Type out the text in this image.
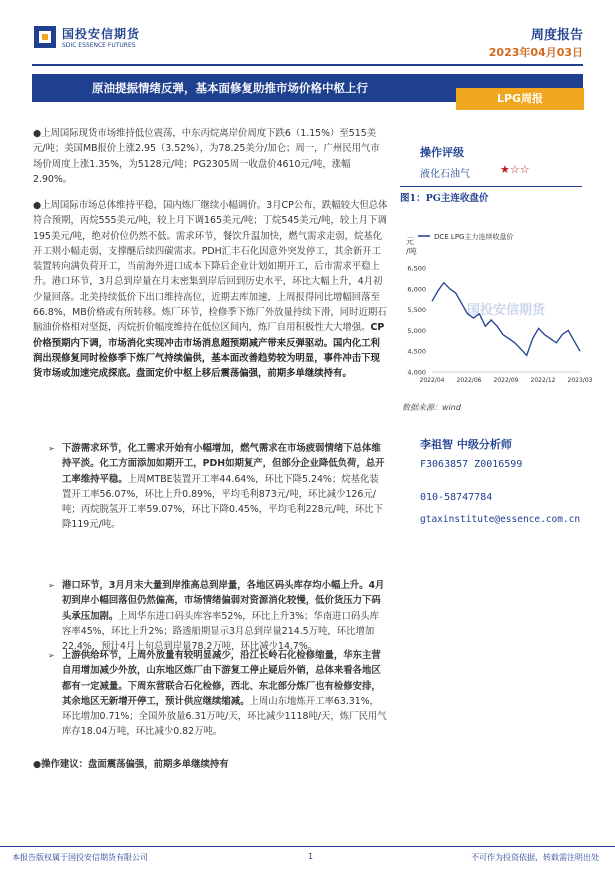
国投安信期货
SDIC ESSENCE FUTURES
周度报告
2023年04月03日
原油提振情绪反弹，基本面修复助推市场价格中枢上行
LPG周报
●上周国际现货市场维持低位震荡，中东丙烷离岸价周度下跌6（1.15%）至515美元/吨；美国MB报价上涨2.95（3.52%），为78.25美分/加仑；周一，广州民用气市场价周度上涨1.35%，为5128元/吨；PG2305周一收盘价4610元/吨，涨幅2.90%。
●上周国际市场总体维持平稳，国内炼厂继续小幅调价。3月CP公布，跌幅较大但总体符合预期，丙烷555美元/吨，较上月下调165美元/吨；丁烷545美元/吨，较上月下调195美元/吨，绝对价位仍然不低。需求环节，餐饮升温加快，燃气需求走弱，烷基化开工则小幅走弱，支撑醚后续四碳需求。PDH汇丰石化因意外突发停工，其余新开工装置转向满负荷开工，当前海外进口成本下降后企业计划如期开工，后市需求平稳上升。港口环节，3月总到岸量在月末密集到岸后回到历史水平，环比大幅上升，4月初少量回落。北美持续低价下出口维持高位，近期去库加速，上周报得同比增幅回落至66.8%，MB价格或有所转移。炼厂环节，检修季下炼厂外放量持续下滑，同时近期石脑油价格相对坚挺，丙烷折价幅度维持在低位区间内，炼厂自用积极性大大增强。CP价格预期内下调，市场消化实现冲击市场消息超预期减产带来反弹驱动。国内化工利润出现修复同时检修季下炼厂气持续偏供，基本面改善趋势较为明显，事件冲击下现货市场或加速完成探底。盘面定价中枢上移后震荡偏强，前期多单继续持有。
➢ 下游需求环节，化工需求开始有小幅增加，燃气需求在市场疲弱情绪下总体维持平淡。化工方面添加如期开工，PDH如期复产，但部分企业降低负荷，总开工率维持平稳。上周MTBE装置开工率44.64%，环比下降5.24%；烷基化装置开工率56.07%，环比上升0.89%，平均毛利873元/吨，环比减少126元/吨；丙烷脱氢开工率59.07%，环比下降0.45%，平均毛利228元/吨，环比下降119元/吨。
➢ 港口环节，3月月末大量到岸推高总到岸量，各地区码头库存均小幅上升。4月初到岸小幅回落但仍然偏高，市场情绪偏弱对资源消化较慢，低价货压力下码头承压加剧。上周华东进口码头库容率52%，环比上升3%；华南进口码头库容率45%，环比上升2%；路透船期显示3月总到岸量214.5万吨，环比增加22.4%，预计4月上旬总到岸量78.2万吨，环比减少14.7%。
➢ 上游供给环节，上周外放量有较明显减少，沿江长岭石化检修缩量，华东主营自用增加减少外放，山东地区炼厂由下游复工停止疑后外销，总体来看各地区都有一定减量。下周东营联合石化检修，西北、东北部分炼厂也有检修安排，其余地区无新增开停工，预计供应继续缩减。上周山东地炼开工率63.31%，环比增加0.71%；全国外放量6.31万吨/天，环比减少1118吨/天，炼厂民用气库存18.04万吨，环比减少0.82万吨。
●操作建议：盘面震荡偏强，前期多单继续持有
操作评级
液化石油气	★☆☆
图1：PG主连收盘价
国投安信期货
DCE LPG主力连续收盘价
元
/吨
6,500
6,000
5,500
5,000
4,500
4,000
2022/04 2022/06 2022/09 2022/12 2023/03
数据来源：wind
李祖智 中级分析师
F3063857 Z0016599
010-58747784
gtaxinstitute@essence.com.cn
本报告版权属于国投安信期货有限公司	1	不可作为投资依据，转载需注明出处
